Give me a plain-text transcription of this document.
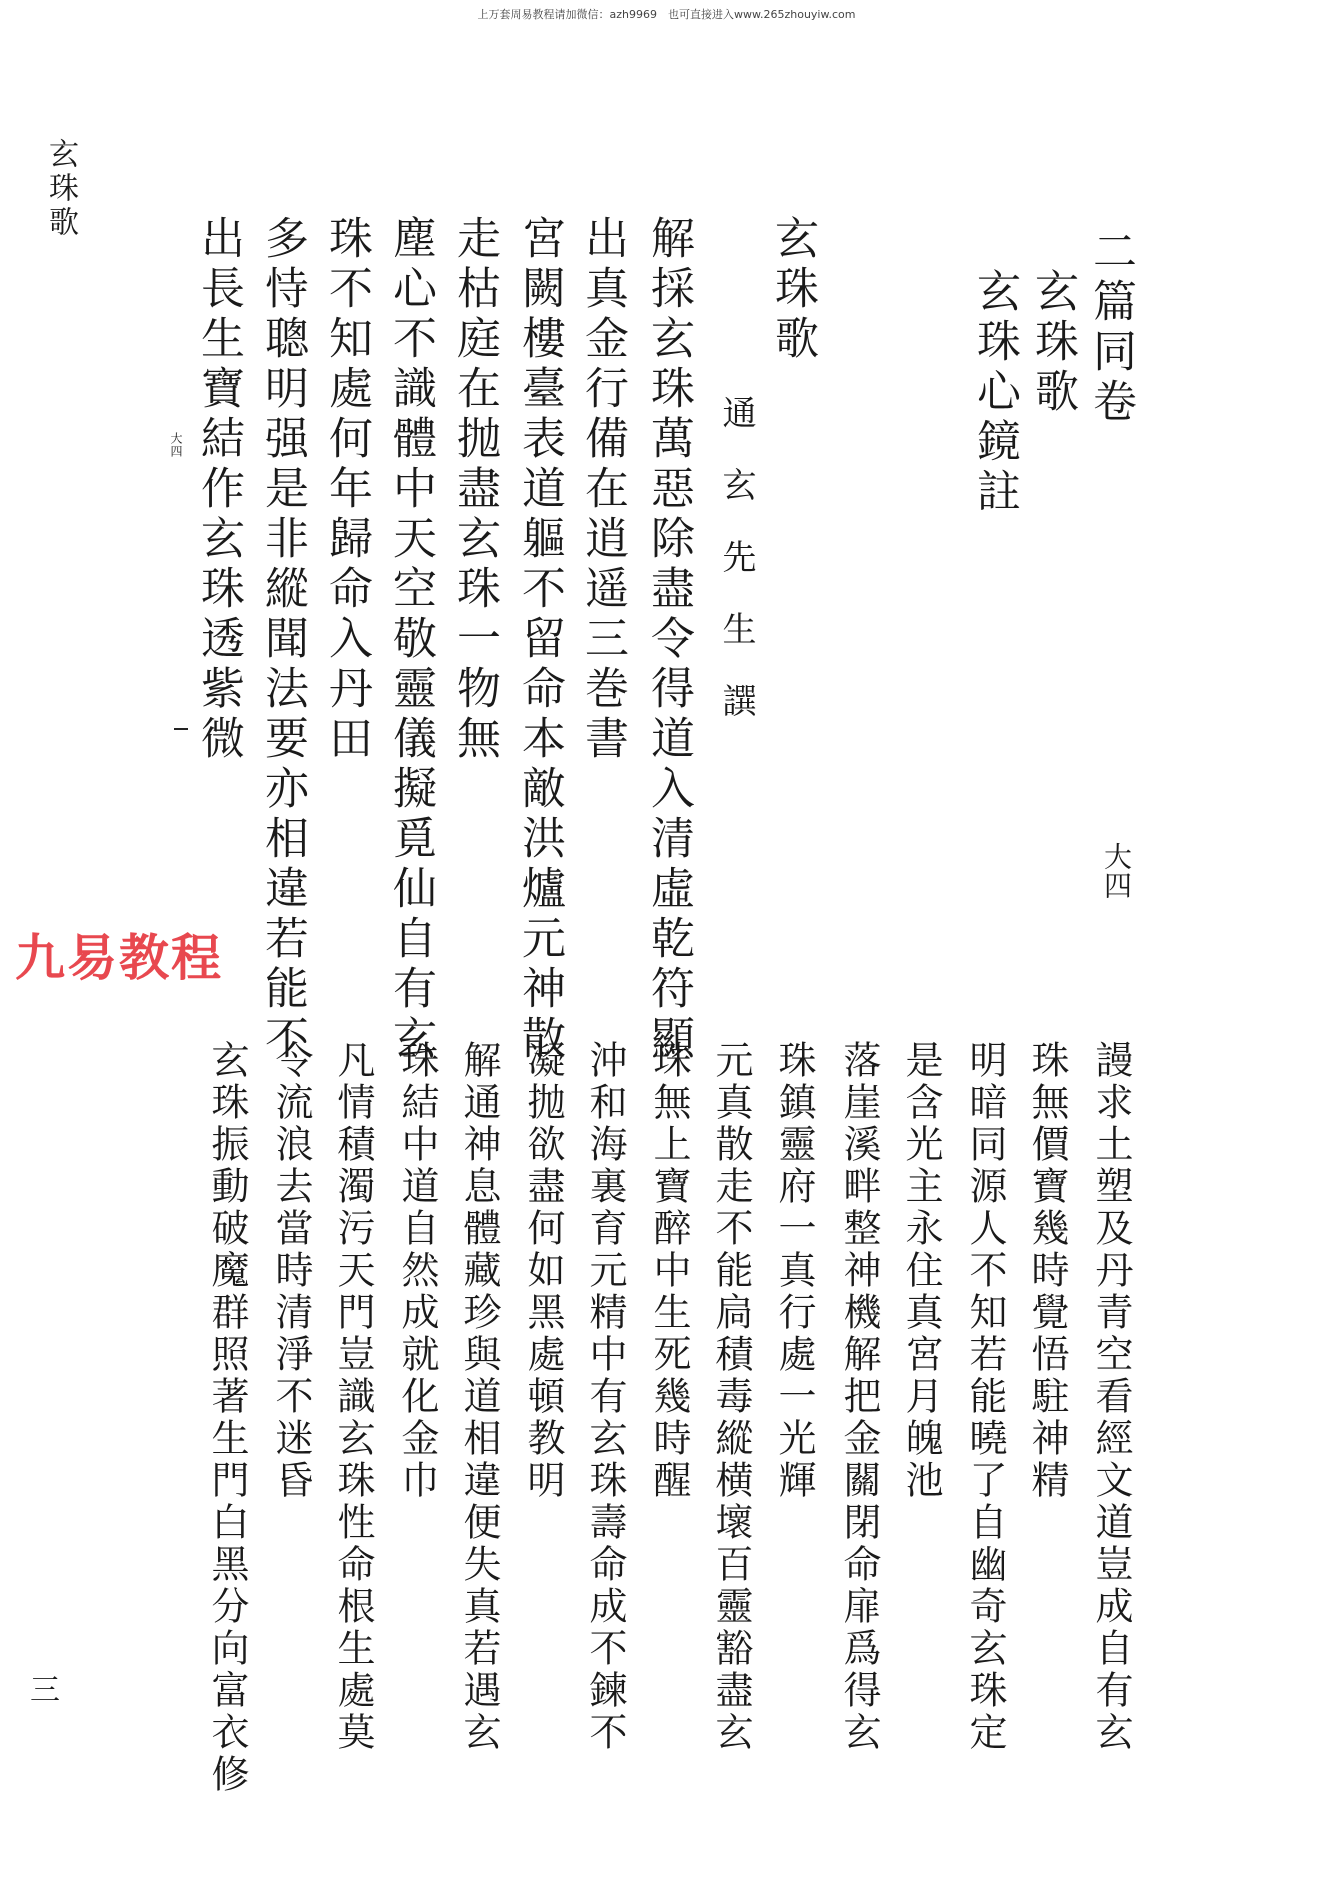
上万套周易教程请加微信：azh9969　也可直接进入www.265zhouyiw.com
玄珠歌
三
二篇同卷
玄珠歌
玄珠心鏡註
大四
玄珠歌
通玄先生譔
解採玄珠萬惡除盡令得道入清虛乾符顯
出真金行備在逍遥三巻書
宮闕樓臺表道軀不留命本敵洪爐元神散
走枯庭在抛盡玄珠一物無
塵心不識體中天空敬靈儀擬覓仙自有玄
珠不知處何年歸命入丹田
多恃聰明强是非縱聞法要亦相違若能不
出長生寶結作玄珠透紫微
大四
九易教程
謾求土塑及丹青空看經文道豈成自有玄
珠無價寶幾時覺悟駐神精
明暗同源人不知若能曉了自幽奇玄珠定
是含光主永住真宮月魄池
落崖溪畔整神機解把金關閉命扉爲得玄
珠鎮靈府一真行處一光輝
元真散走不能扃積毒縱横壞百靈豁盡玄
珠無上寶醉中生死幾時醒
沖和海裏育元精中有玄珠壽命成不鍊不
凝抛欲盡何如黑處頓教明
解通神息體藏珍與道相違便失真若遇玄
珠結中道自然成就化金巾
凡情積濁污天門豈識玄珠性命根生處莫
令流浪去當時清淨不迷昏
玄珠振動破魔群照著生門白黑分向富衣修
